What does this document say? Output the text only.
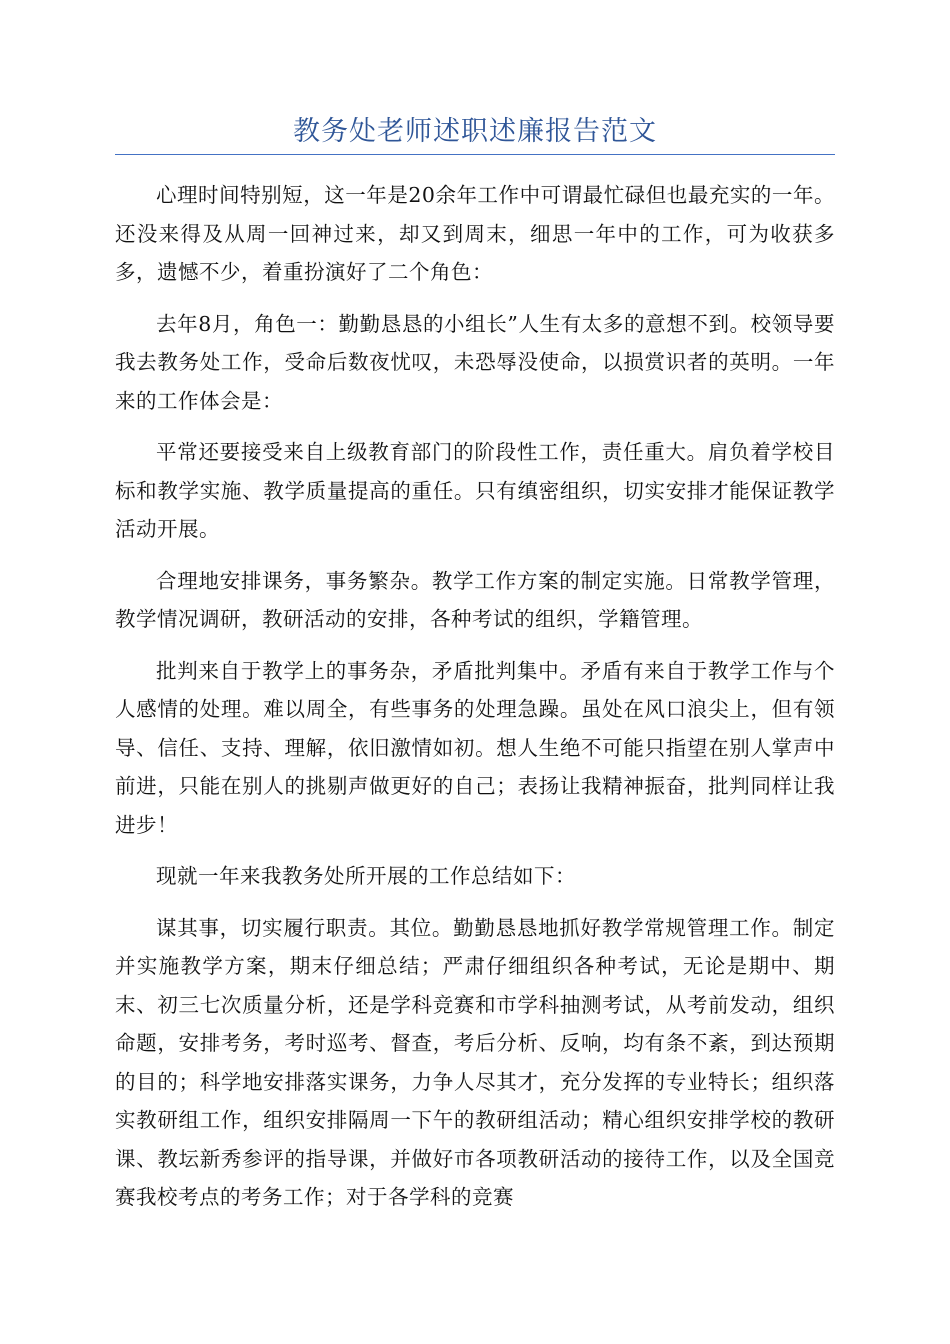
教务处老师述职述廉报告范文

心理时间特别短，这一年是20余年工作中可谓最忙碌但也最充实的一年。还没来得及从周一回神过来，却又到周末，细思一年中的工作，可为收获多多，遗憾不少，着重扮演好了二个角色：

去年8月，角色一：勤勤恳恳的小组长”人生有太多的意想不到。校领导要我去教务处工作，受命后数夜忧叹，未恐辱没使命，以损赏识者的英明。一年来的工作体会是：

平常还要接受来自上级教育部门的阶段性工作，责任重大。肩负着学校目标和教学实施、教学质量提高的重任。只有缜密组织，切实安排才能保证教学活动开展。

合理地安排课务，事务繁杂。教学工作方案的制定实施。日常教学管理，教学情况调研，教研活动的安排，各种考试的组织，学籍管理。

批判来自于教学上的事务杂，矛盾批判集中。矛盾有来自于教学工作与个人感情的处理。难以周全，有些事务的处理急躁。虽处在风口浪尖上，但有领导、信任、支持、理解，依旧激情如初。想人生绝不可能只指望在别人掌声中前进，只能在别人的挑剔声做更好的自己；表扬让我精神振奋，批判同样让我进步！

现就一年来我教务处所开展的工作总结如下：

谋其事，切实履行职责。其位。勤勤恳恳地抓好教学常规管理工作。制定并实施教学方案，期末仔细总结；严肃仔细组织各种考试，无论是期中、期末、初三七次质量分析，还是学科竞赛和市学科抽测考试，从考前发动，组织命题，安排考务，考时巡考、督查，考后分析、反响，均有条不紊，到达预期的目的；科学地安排落实课务，力争人尽其才，充分发挥的专业特长；组织落实教研组工作，组织安排隔周一下午的教研组活动；精心组织安排学校的教研课、教坛新秀参评的指导课，并做好市各项教研活动的接待工作，以及全国竞赛我校考点的考务工作；对于各学科的竞赛
